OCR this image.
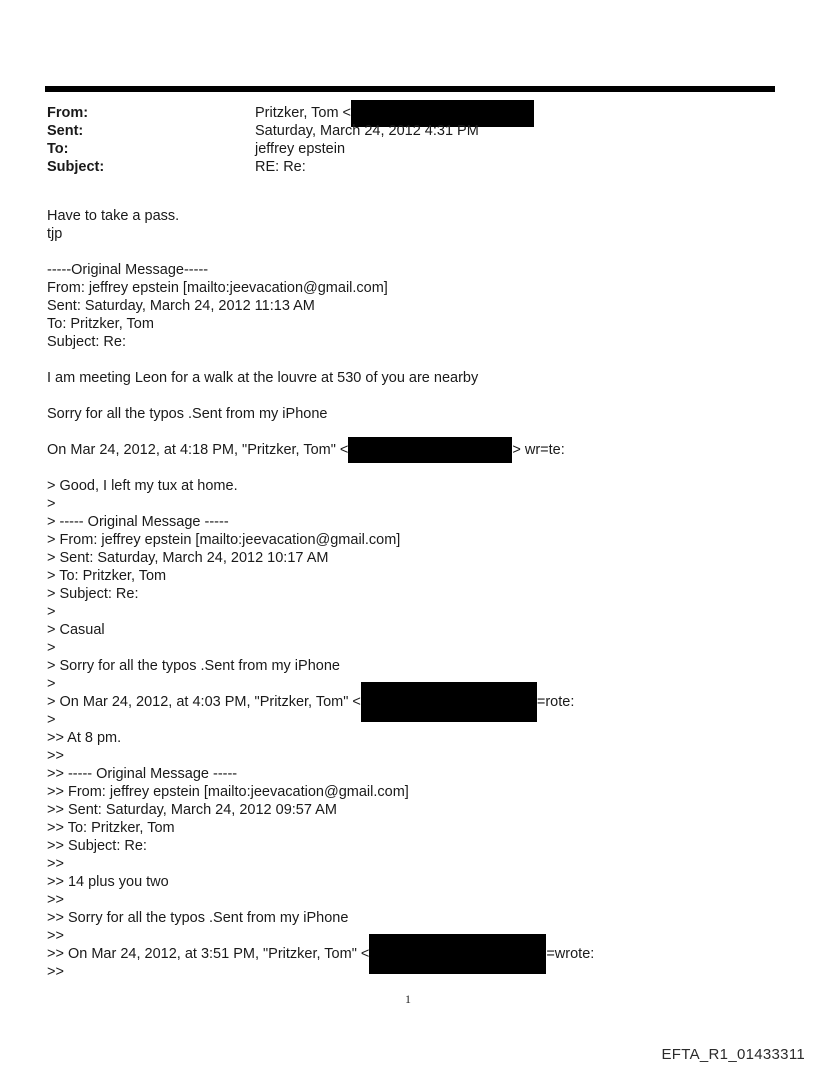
From:	Pritzker, Tom <
Sent:	Saturday, March 24, 2012 4:31 PM
To:	jeffrey epstein
Subject:	RE: Re:
Have to take a pass.
tjp
-----Original Message-----
From: jeffrey epstein [mailto:jeevacation@gmail.com]
Sent: Saturday, March 24, 2012 11:13 AM
To: Pritzker, Tom
Subject: Re:
I am meeting Leon for a walk at the louvre at 530 of you are nearby
Sorry for all the typos .Sent from my iPhone
On Mar 24, 2012, at 4:18 PM, "Pritzker, Tom" <	> wr=te:
> Good, I left my tux at home.
>
> ----- Original Message -----
> From: jeffrey epstein [mailto:jeevacation@gmail.com]
> Sent: Saturday, March 24, 2012 10:17 AM
> To: Pritzker, Tom
> Subject: Re:
>
> Casual
>
> Sorry for all the typos .Sent from my iPhone
>
> On Mar 24, 2012, at 4:03 PM, "Pritzker, Tom" <	=rote:
>
>> At 8 pm.
>>
>> ----- Original Message -----
>> From: jeffrey epstein [mailto:jeevacation@gmail.com]
>> Sent: Saturday, March 24, 2012 09:57 AM
>> To: Pritzker, Tom
>> Subject: Re:
>>
>> 14 plus you two
>>
>> Sorry for all the typos .Sent from my iPhone
>>
>> On Mar 24, 2012, at 3:51 PM, "Pritzker, Tom" <	=wrote:
>>
1
EFTA_R1_01433311
